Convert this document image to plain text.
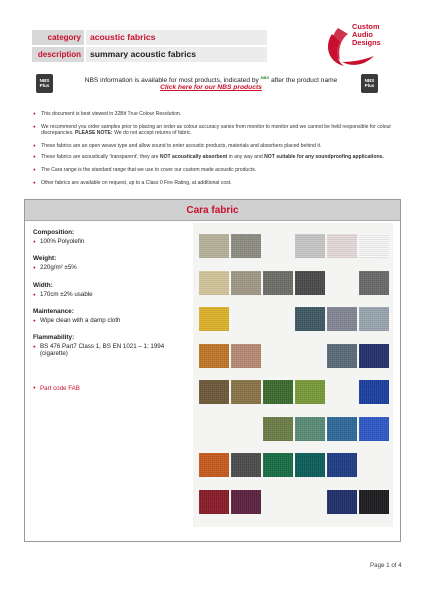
category	acoustic fabrics
description	summary acoustic fabrics
Custom
Audio
Designs
NBS
Plus
NBS information is available for most products, indicated by $^{NBS}$ after the product name
Click here for our NBS products
NBS
Plus
● This document is best viewed in 32Bit True Colour Resolution.
● We recommend you order samples prior to placing an order as colour accuracy varies from monitor to monitor and we cannot be held responsible for colour discrepancies. PLEASE NOTE: We do not accept returns of fabric.
● These fabrics are an open weave type and allow sound to enter acoustic products, materials and absorbers placed behind it.
● These fabrics are acoustically 'transparent'; they are NOT acoustically absorbent in any way and NOT suitable for any soundproofing applications.
● The Cara range is the standard range that we use to cover our custom made acoustic products.
● Other fabrics are available on request, up to a Class 0 Fire Rating, at additional cost.
Cara fabric
Composition:
● 100% Polyolefin
Weight:
● 220g/m² ±5%
Width:
● 170cm ±2% usable
Maintenance:
● Wipe clean with a damp cloth
Flammability:
● BS 476 Part7 Class 1, BS EN 1021 – 1: 1994 (cigarette)
● Part code FAB
Page 1 of 4
